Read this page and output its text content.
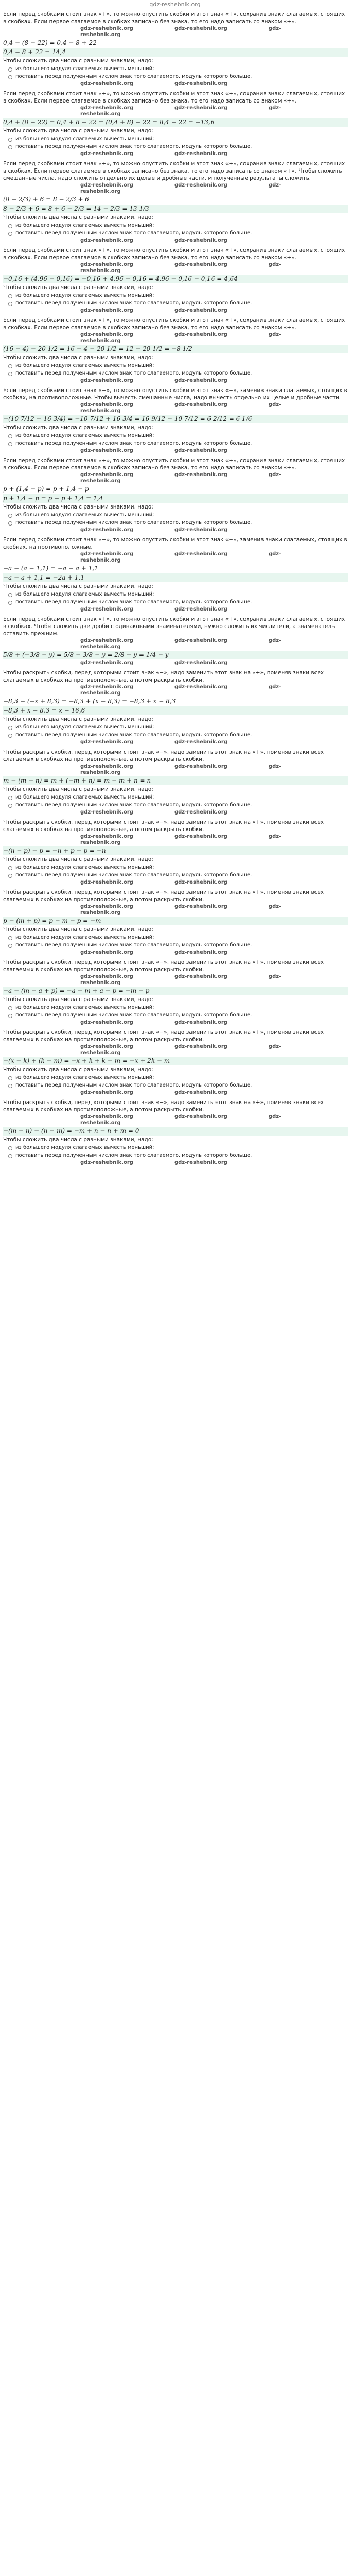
gdz-reshebnik.org
Если перед скобками стоит знак «+», то можно опустить скобки и этот знак «+», сохранив знаки слагаемых, стоящих в скобках. Если первое слагаемое в скобках записано без знака, то его надо записать со знаком «+».
gdz-reshebnik.org	gdz-reshebnik.org	gdz-reshebnik.org
0,4 − (8 − 22) = 0,4 − 8 + 22
0,4 − 8 + 22 = 14,4
Чтобы сложить два числа с разными знаками, надо:
из большего модуля слагаемых вычесть меньший;
поставить перед полученным числом знак того слагаемого, модуль которого больше.
gdz-reshebnik.org	gdz-reshebnik.org
Если перед скобками стоит знак «+», то можно опустить скобки и этот знак «+», сохранив знаки слагаемых, стоящих в скобках. Если первое слагаемое в скобках записано без знака, то его надо записать со знаком «+».
gdz-reshebnik.org	gdz-reshebnik.org	gdz-reshebnik.org
0,4 + (8 − 22) = 0,4 + 8 − 22 = (0,4 + 8) − 22 = 8,4 − 22 = −13,6
Чтобы сложить два числа с разными знаками, надо:
из большего модуля слагаемых вычесть меньший;
поставить перед полученным числом знак того слагаемого, модуль которого больше.
gdz-reshebnik.org	gdz-reshebnik.org
Если перед скобками стоит знак «+», то можно опустить скобки и этот знак «+», сохранив знаки слагаемых, стоящих в скобках. Если первое слагаемое в скобках записано без знака, то его надо записать со знаком «+». Чтобы сложить смешанные числа, надо сложить отдельно их целые и дробные части, и полученные результаты сложить.
gdz-reshebnik.org	gdz-reshebnik.org	gdz-reshebnik.org
(8 − 2/3) + 6 = 8 − 2/3 + 6
8 − 2/3 + 6 = 8 + 6 − 2/3 = 14 − 2/3 = 13 1/3
Чтобы сложить два числа с разными знаками, надо:
из большего модуля слагаемых вычесть меньший;
поставить перед полученным числом знак того слагаемого, модуль которого больше.
gdz-reshebnik.org	gdz-reshebnik.org
Если перед скобками стоит знак «+», то можно опустить скобки и этот знак «+», сохранив знаки слагаемых, стоящих в скобках. Если первое слагаемое в скобках записано без знака, то его надо записать со знаком «+».
gdz-reshebnik.org	gdz-reshebnik.org	gdz-reshebnik.org
−0,16 + (4,96 − 0,16) = −0,16 + 4,96 − 0,16 = 4,96 − 0,16 − 0,16 = 4,64
Чтобы сложить два числа с разными знаками, надо:
из большего модуля слагаемых вычесть меньший;
поставить перед полученным числом знак того слагаемого, модуль которого больше.
gdz-reshebnik.org	gdz-reshebnik.org
Если перед скобками стоит знак «+», то можно опустить скобки и этот знак «+», сохранив знаки слагаемых, стоящих в скобках. Если первое слагаемое в скобках записано без знака, то его надо записать со знаком «+».
gdz-reshebnik.org	gdz-reshebnik.org	gdz-reshebnik.org
(16 − 4) − 20 1/2 = 16 − 4 − 20 1/2 = 12 − 20 1/2 = −8 1/2
Чтобы сложить два числа с разными знаками, надо:
из большего модуля слагаемых вычесть меньший;
поставить перед полученным числом знак того слагаемого, модуль которого больше.
gdz-reshebnik.org	gdz-reshebnik.org
Если перед скобками стоит знак «−», то можно опустить скобки и этот знак «−», заменив знаки слагаемых, стоящих в скобках, на противоположные. Чтобы вычесть смешанные числа, надо вычесть отдельно их целые и дробные части.
gdz-reshebnik.org	gdz-reshebnik.org	gdz-reshebnik.org
−(10 7/12 − 16 3/4) = −10 7/12 + 16 3/4 = 16 9/12 − 10 7/12 = 6 2/12 = 6 1/6
Чтобы сложить два числа с разными знаками, надо:
из большего модуля слагаемых вычесть меньший;
поставить перед полученным числом знак того слагаемого, модуль которого больше.
gdz-reshebnik.org	gdz-reshebnik.org
Если перед скобками стоит знак «+», то можно опустить скобки и этот знак «+», сохранив знаки слагаемых, стоящих в скобках. Если первое слагаемое в скобках записано без знака, то его надо записать со знаком «+».
gdz-reshebnik.org	gdz-reshebnik.org	gdz-reshebnik.org
p + (1,4 − p) = p + 1,4 − p
p + 1,4 − p = p − p + 1,4 = 1,4
Чтобы сложить два числа с разными знаками, надо:
из большего модуля слагаемых вычесть меньший;
поставить перед полученным числом знак того слагаемого, модуль которого больше.
gdz-reshebnik.org	gdz-reshebnik.org
Если перед скобками стоит знак «−», то можно опустить скобки и этот знак «−», заменив знаки слагаемых, стоящих в скобках, на противоположные.
gdz-reshebnik.org	gdz-reshebnik.org	gdz-reshebnik.org
−a − (a − 1,1) = −a − a + 1,1
−a − a + 1,1 = −2a + 1,1
Чтобы сложить два числа с разными знаками, надо:
из большего модуля слагаемых вычесть меньший;
поставить перед полученным числом знак того слагаемого, модуль которого больше.
gdz-reshebnik.org	gdz-reshebnik.org
Если перед скобками стоит знак «+», то можно опустить скобки и этот знак «+», сохранив знаки слагаемых, стоящих в скобках. Чтобы сложить две дроби с одинаковыми знаменателями, нужно сложить их числители, а знаменатель оставить прежним.
gdz-reshebnik.org	gdz-reshebnik.org	gdz-reshebnik.org
5/8 + (−3/8 − y) = 5/8 − 3/8 − y = 2/8 − y = 1/4 − y
gdz-reshebnik.org	gdz-reshebnik.org
Чтобы раскрыть скобки, перед которыми стоит знак «−», надо заменить этот знак на «+», поменяв знаки всех слагаемых в скобках на противоположные, а потом раскрыть скобки.
gdz-reshebnik.org	gdz-reshebnik.org	gdz-reshebnik.org
−8,3 − (−x + 8,3) = −8,3 + (x − 8,3) = −8,3 + x − 8,3
−8,3 + x − 8,3 = x − 16,6
Чтобы сложить два числа с разными знаками, надо:
из большего модуля слагаемых вычесть меньший;
поставить перед полученным числом знак того слагаемого, модуль которого больше.
gdz-reshebnik.org	gdz-reshebnik.org
Чтобы раскрыть скобки, перед которыми стоит знак «−», надо заменить этот знак на «+», поменяв знаки всех слагаемых в скобках на противоположные, а потом раскрыть скобки.
gdz-reshebnik.org	gdz-reshebnik.org	gdz-reshebnik.org
m − (m − n) = m + (−m + n) = m − m + n = n
Чтобы сложить два числа с разными знаками, надо:
из большего модуля слагаемых вычесть меньший;
поставить перед полученным числом знак того слагаемого, модуль которого больше.
gdz-reshebnik.org	gdz-reshebnik.org
Чтобы раскрыть скобки, перед которыми стоит знак «−», надо заменить этот знак на «+», поменяв знаки всех слагаемых в скобках на противоположные, а потом раскрыть скобки.
gdz-reshebnik.org	gdz-reshebnik.org	gdz-reshebnik.org
−(n − p) − p = −n + p − p = −n
Чтобы сложить два числа с разными знаками, надо:
из большего модуля слагаемых вычесть меньший;
поставить перед полученным числом знак того слагаемого, модуль которого больше.
gdz-reshebnik.org	gdz-reshebnik.org
Чтобы раскрыть скобки, перед которыми стоит знак «−», надо заменить этот знак на «+», поменяв знаки всех слагаемых в скобках на противоположные, а потом раскрыть скобки.
gdz-reshebnik.org	gdz-reshebnik.org	gdz-reshebnik.org
p − (m + p) = p − m − p = −m
Чтобы сложить два числа с разными знаками, надо:
из большего модуля слагаемых вычесть меньший;
поставить перед полученным числом знак того слагаемого, модуль которого больше.
gdz-reshebnik.org	gdz-reshebnik.org
Чтобы раскрыть скобки, перед которыми стоит знак «−», надо заменить этот знак на «+», поменяв знаки всех слагаемых в скобках на противоположные, а потом раскрыть скобки.
gdz-reshebnik.org	gdz-reshebnik.org	gdz-reshebnik.org
−a − (m − a + p) = −a − m + a − p = −m − p
Чтобы сложить два числа с разными знаками, надо:
из большего модуля слагаемых вычесть меньший;
поставить перед полученным числом знак того слагаемого, модуль которого больше.
gdz-reshebnik.org	gdz-reshebnik.org
Чтобы раскрыть скобки, перед которыми стоит знак «−», надо заменить этот знак на «+», поменяв знаки всех слагаемых в скобках на противоположные, а потом раскрыть скобки.
gdz-reshebnik.org	gdz-reshebnik.org	gdz-reshebnik.org
−(x − k) + (k − m) = −x + k + k − m = −x + 2k − m
Чтобы сложить два числа с разными знаками, надо:
из большего модуля слагаемых вычесть меньший;
поставить перед полученным числом знак того слагаемого, модуль которого больше.
gdz-reshebnik.org	gdz-reshebnik.org
Чтобы раскрыть скобки, перед которыми стоит знак «−», надо заменить этот знак на «+», поменяв знаки всех слагаемых в скобках на противоположные, а потом раскрыть скобки.
gdz-reshebnik.org	gdz-reshebnik.org	gdz-reshebnik.org
−(m − n) − (n − m) = −m + n − n + m = 0
Чтобы сложить два числа с разными знаками, надо:
из большего модуля слагаемых вычесть меньший;
поставить перед полученным числом знак того слагаемого, модуль которого больше.
gdz-reshebnik.org	gdz-reshebnik.org
